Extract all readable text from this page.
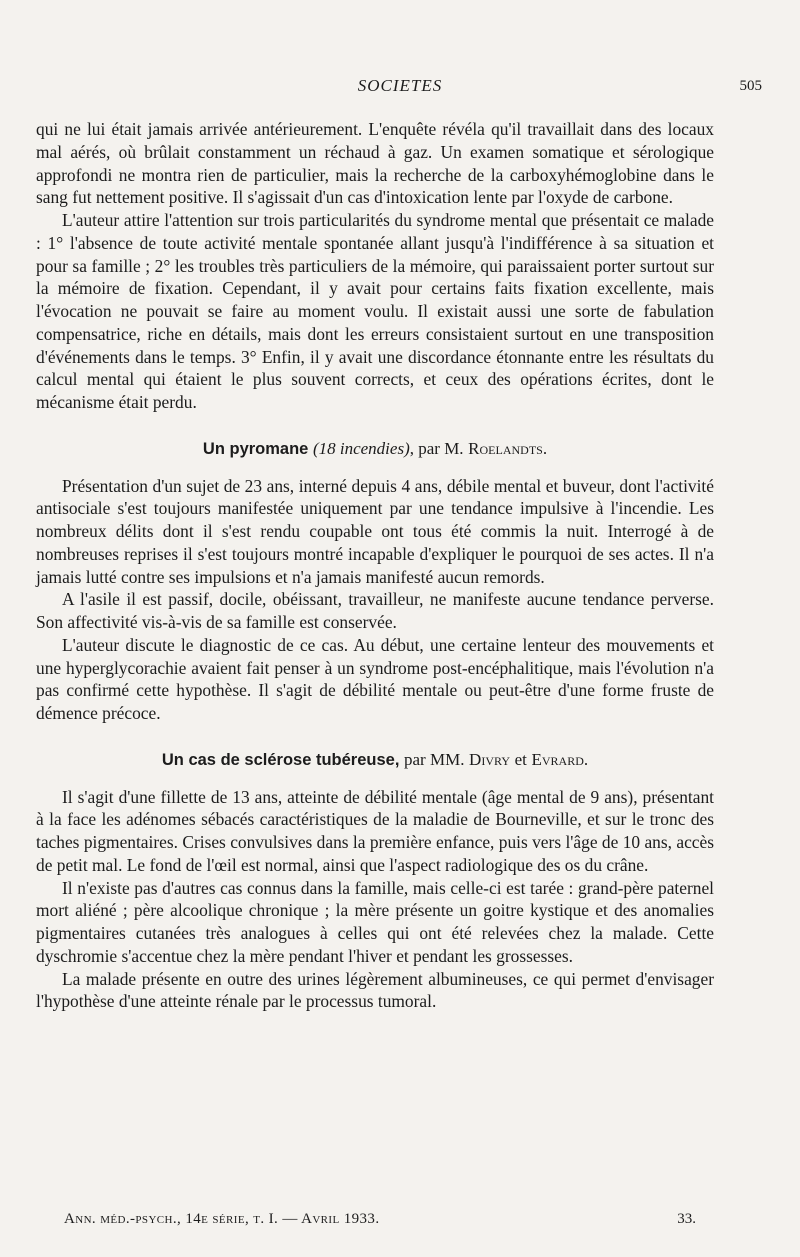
SOCIETES	505

qui ne lui était jamais arrivée antérieurement. L'enquête révéla qu'il travaillait dans des locaux mal aérés, où brûlait constamment un réchaud à gaz. Un examen somatique et sérologique approfondi ne montra rien de particulier, mais la recherche de la carboxyhémoglobine dans le sang fut nettement positive. Il s'agissait d'un cas d'intoxication lente par l'oxyde de carbone.

L'auteur attire l'attention sur trois particularités du syndrome mental que présentait ce malade : 1° l'absence de toute activité mentale spontanée allant jusqu'à l'indifférence à sa situation et pour sa famille ; 2° les troubles très particuliers de la mémoire, qui paraissaient porter surtout sur la mémoire de fixation. Cependant, il y avait pour certains faits fixation excellente, mais l'évocation ne pouvait se faire au moment voulu. Il existait aussi une sorte de fabulation compensatrice, riche en détails, mais dont les erreurs consistaient surtout en une transposition d'événements dans le temps. 3° Enfin, il y avait une discordance étonnante entre les résultats du calcul mental qui étaient le plus souvent corrects, et ceux des opérations écrites, dont le mécanisme était perdu.

Un pyromane (18 incendies), par M. Roelandts.

Présentation d'un sujet de 23 ans, interné depuis 4 ans, débile mental et buveur, dont l'activité antisociale s'est toujours manifestée uniquement par une tendance impulsive à l'incendie. Les nombreux délits dont il s'est rendu coupable ont tous été commis la nuit. Interrogé à de nombreuses reprises il s'est toujours montré incapable d'expliquer le pourquoi de ses actes. Il n'a jamais lutté contre ses impulsions et n'a jamais manifesté aucun remords.

A l'asile il est passif, docile, obéissant, travailleur, ne manifeste aucune tendance perverse. Son affectivité vis-à-vis de sa famille est conservée.

L'auteur discute le diagnostic de ce cas. Au début, une certaine lenteur des mouvements et une hyperglycorachie avaient fait penser à un syndrome post-encéphalitique, mais l'évolution n'a pas confirmé cette hypothèse. Il s'agit de débilité mentale ou peut-être d'une forme fruste de démence précoce.

Un cas de sclérose tubéreuse, par MM. Divry et Evrard.

Il s'agit d'une fillette de 13 ans, atteinte de débilité mentale (âge mental de 9 ans), présentant à la face les adénomes sébacés caractéristiques de la maladie de Bourneville, et sur le tronc des taches pigmentaires. Crises convulsives dans la première enfance, puis vers l'âge de 10 ans, accès de petit mal. Le fond de l'œil est normal, ainsi que l'aspect radiologique des os du crâne.

Il n'existe pas d'autres cas connus dans la famille, mais celle-ci est tarée : grand-père paternel mort aliéné ; père alcoolique chronique ; la mère présente un goitre kystique et des anomalies pigmentaires cutanées très analogues à celles qui ont été relevées chez la malade. Cette dyschromie s'accentue chez la mère pendant l'hiver et pendant les grossesses.

La malade présente en outre des urines légèrement albumineuses, ce qui permet d'envisager l'hypothèse d'une atteinte rénale par le processus tumoral.

Ann. méd.-psych., 14e série, t. I. — Avril 1933.	33.
